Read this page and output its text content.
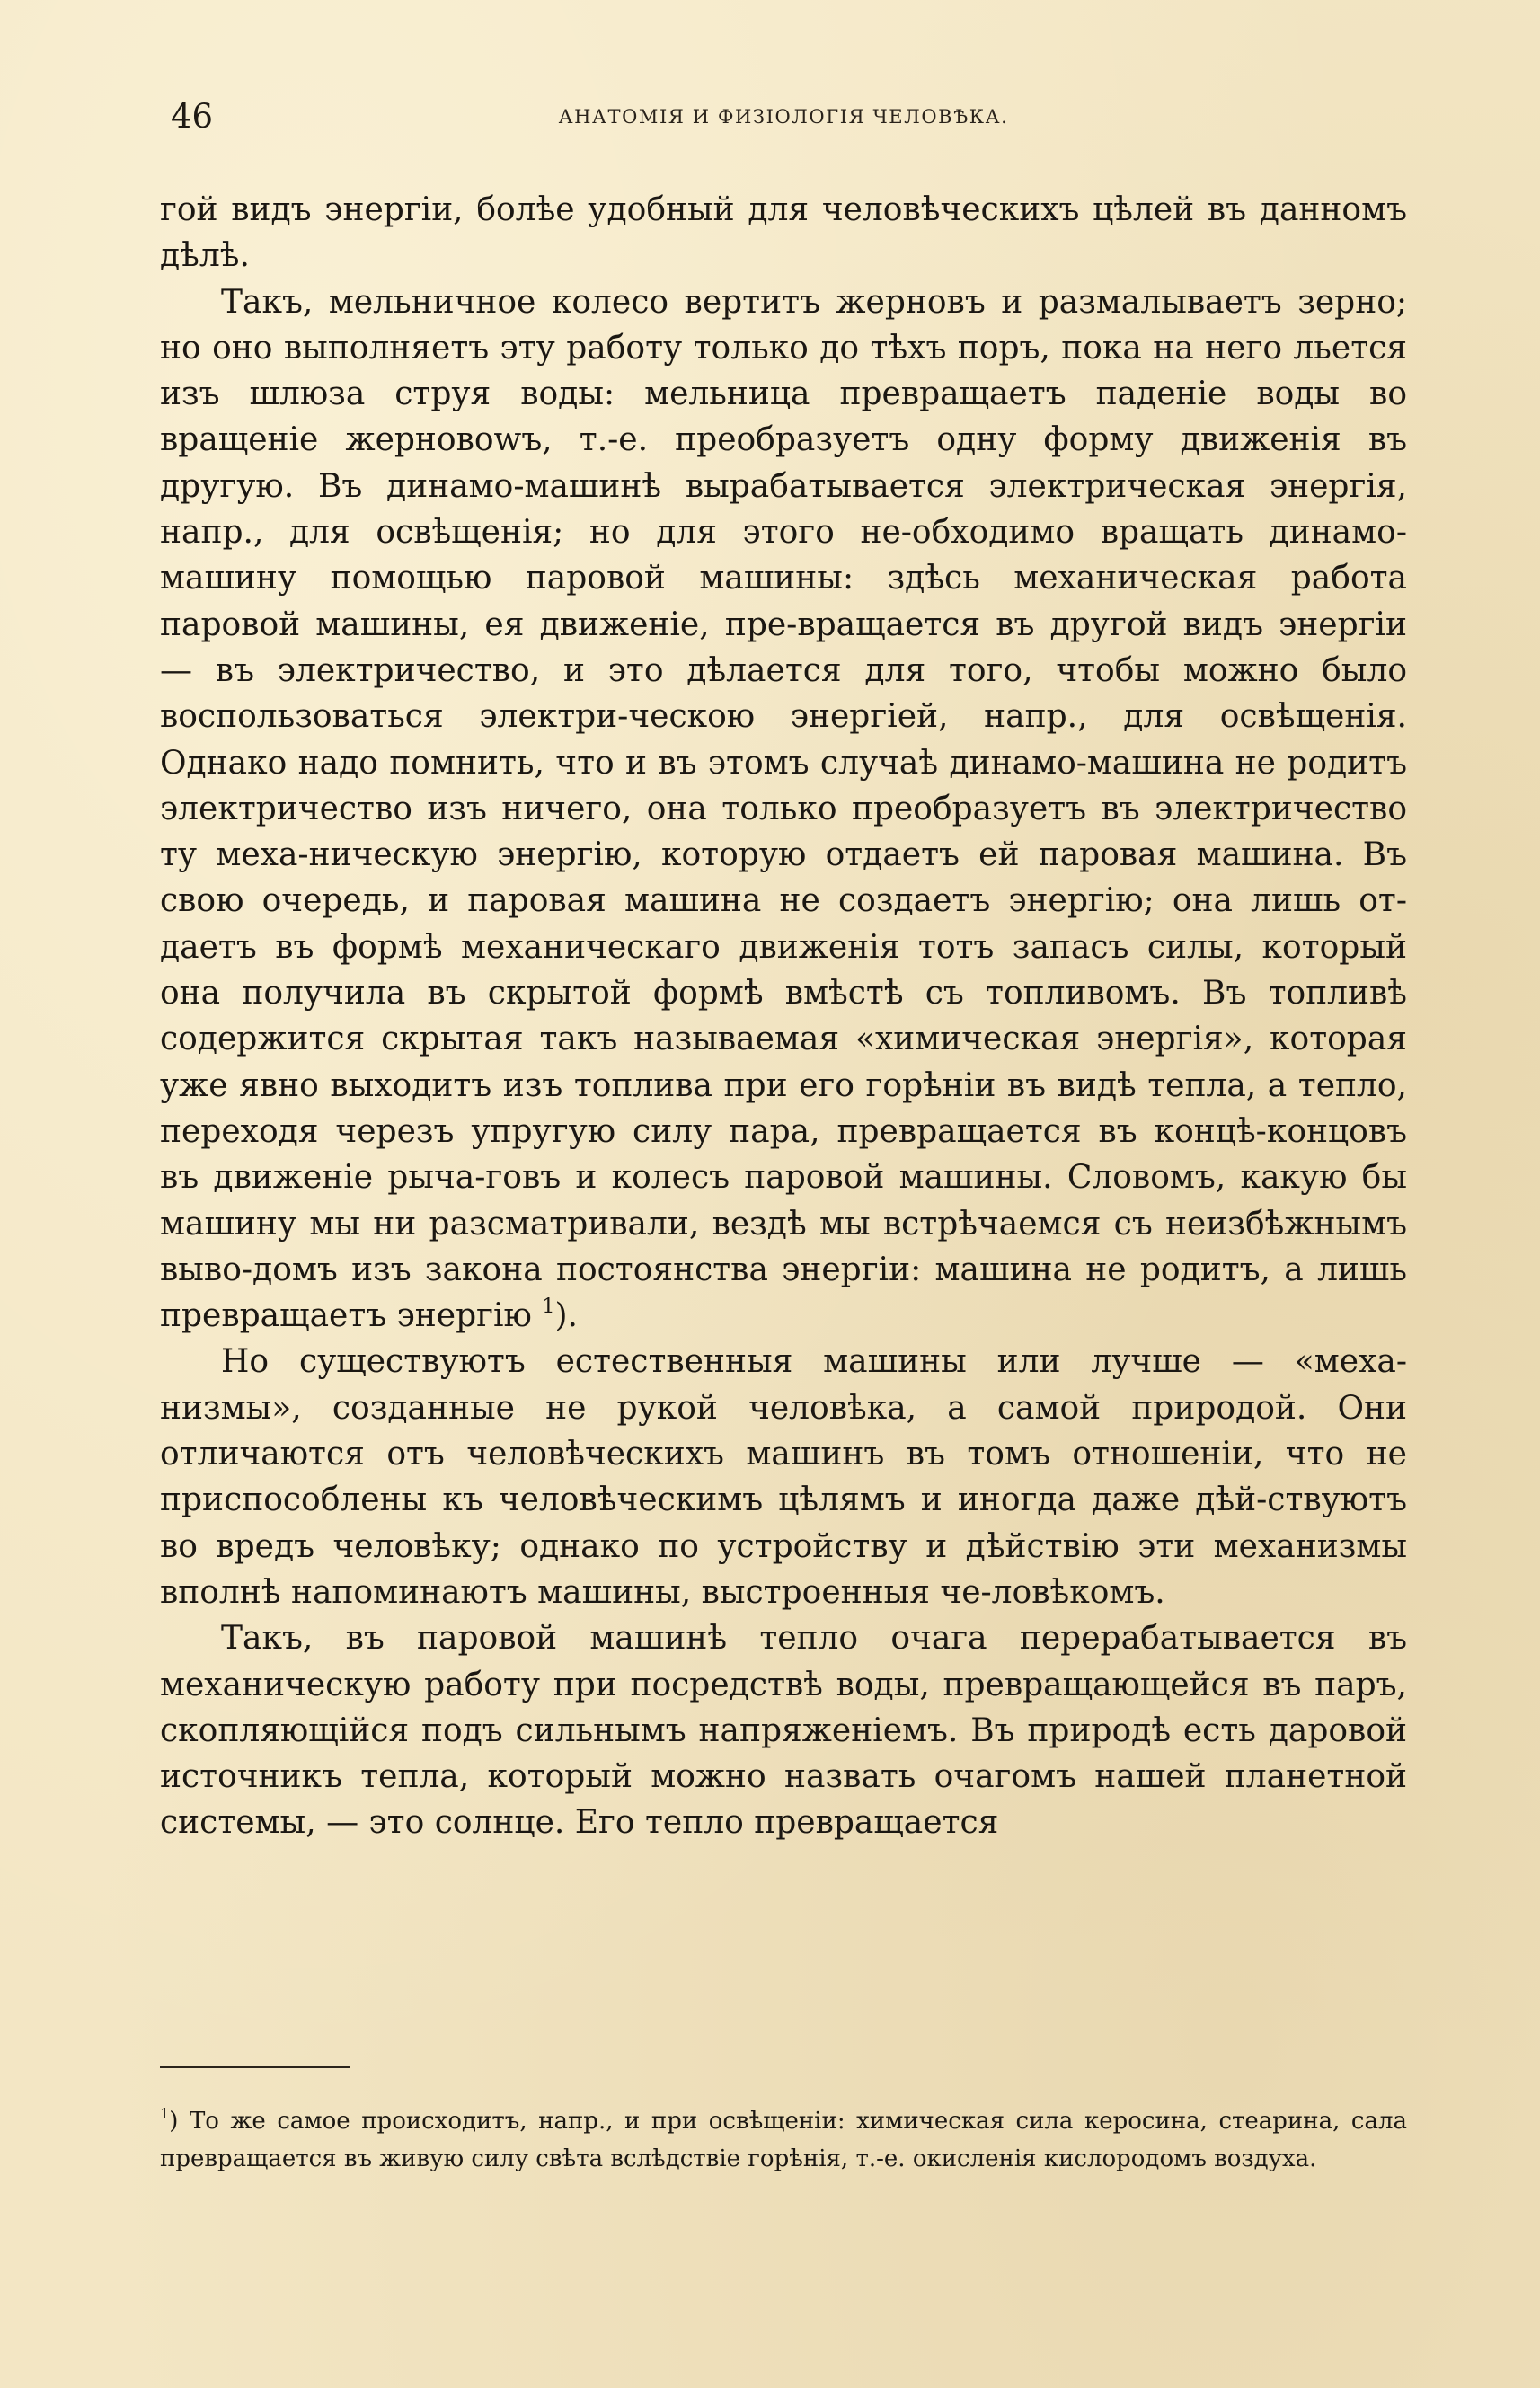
46	АНАТОМІЯ И ФИЗІОЛОГІЯ ЧЕЛОВѢКА.

гой видъ энергіи, болѣе удобный для человѣческихъ цѣлей въ данномъ дѣлѣ.

Такъ, мельничное колесо вертитъ жерновъ и размалываетъ зерно; но оно выполняетъ эту работу только до тѣхъ поръ, пока на него льется изъ шлюза струя воды: мельница превращаетъ паденіе воды во вращеніе жерновowъ, т.-е. преобразуетъ одну форму движенія въ другую. Въ динамо-машинѣ вырабатывается электрическая энергія, напр., для освѣщенія; но для этого не-обходимо вращать динамо-машину помощью паровой машины: здѣсь механическая работа паровой машины, ея движеніе, пре-вращается въ другой видъ энергіи — въ электричество, и это дѣлается для того, чтобы можно было воспользоваться электри-ческою энергіей, напр., для освѣщенія. Однако надо помнить, что и въ этомъ случаѣ динамо-машина не родитъ электричество изъ ничего, она только преобразуетъ въ электричество ту меха-ническую энергію, которую отдаетъ ей паровая машина. Въ свою очередь, и паровая машина не создаетъ энергію; она лишь от-даетъ въ формѣ механическаго движенія тотъ запасъ силы, который она получила въ скрытой формѣ вмѣстѣ съ топливомъ. Въ топливѣ содержится скрытая такъ называемая «химическая энергія», которая уже явно выходитъ изъ топлива при его горѣніи въ видѣ тепла, а тепло, переходя черезъ упругую силу пара, превращается въ концѣ-концовъ въ движеніе рыча-говъ и колесъ паровой машины. Словомъ, какую бы машину мы ни разсматривали, вездѣ мы встрѣчаемся съ неизбѣжнымъ выво-домъ изъ закона постоянства энергіи: машина не родитъ, а лишь превращаетъ энергію $^1$).

Но существуютъ естественныя машины или лучше — «меха-низмы», созданные не рукой человѣка, а самой природой. Они отличаются отъ человѣческихъ машинъ въ томъ отношеніи, что не приспособлены къ человѣческимъ цѣлямъ и иногда даже дѣй-ствуютъ во вредъ человѣку; однако по устройству и дѣйствію эти механизмы вполнѣ напоминаютъ машины, выстроенныя че-ловѣкомъ.

Такъ, въ паровой машинѣ тепло очага перерабатывается въ механическую работу при посредствѣ воды, превращающейся въ паръ, скопляющійся подъ сильнымъ напряженіемъ. Въ природѣ есть даровой источникъ тепла, который можно назвать очагомъ нашей планетной системы, — это солнце. Его тепло превращается

$^1$) То же самое происходитъ, напр., и при освѣщеніи: химическая сила керосина, стеарина, сала превращается въ живую силу свѣта вслѣдствіе горѣнія, т.-е. окисленія кислородомъ воздуха.
